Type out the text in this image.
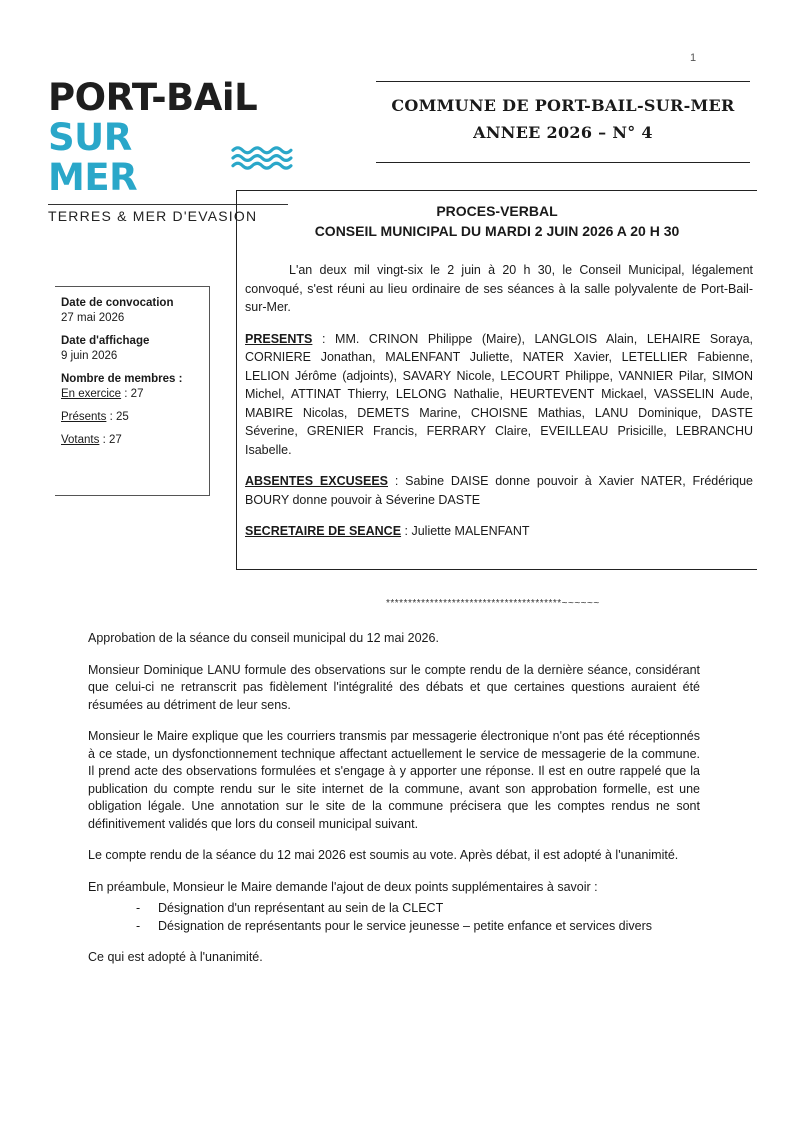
1
PORT-BAiL
SUR MER
TERRES & MER D'EVASION
COMMUNE DE PORT-BAIL-SUR-MER
ANNEE 2026 – N° 4
Date de convocation
27 mai 2026
Date d'affichage
9 juin 2026
Nombre de membres :
En exercice : 27
Présents : 25
Votants : 27
PROCES-VERBAL
CONSEIL MUNICIPAL DU MARDI 2 JUIN 2026 A 20 H 30

L'an deux mil vingt-six le 2 juin à 20 h 30, le Conseil Municipal, légalement convoqué, s'est réuni au lieu ordinaire de ses séances à la salle polyvalente de Port-Bail-sur-Mer.

PRESENTS : MM. CRINON Philippe (Maire), LANGLOIS Alain, LEHAIRE Soraya, CORNIERE Jonathan, MALENFANT Juliette, NATER Xavier, LETELLIER Fabienne, LELION Jérôme (adjoints), SAVARY Nicole, LECOURT Philippe, VANNIER Pilar, SIMON Michel, ATTINAT Thierry, LELONG Nathalie, HEURTEVENT Mickael, VASSELIN Aude, MABIRE Nicolas, DEMETS Marine, CHOISNE Mathias, LANU Dominique, DASTE Séverine, GRENIER Francis, FERRARY Claire, EVEILLEAU Prisicille, LEBRANCHU Isabelle.

ABSENTES EXCUSEES : Sabine DAISE donne pouvoir à Xavier NATER, Frédérique BOURY donne pouvoir à Séverine DASTE

SECRETAIRE DE SEANCE : Juliette MALENFANT

****************************************~~~~~~

Approbation de la séance du conseil municipal du 12 mai 2026.

Monsieur Dominique LANU formule des observations sur le compte rendu de la dernière séance, considérant que celui-ci ne retranscrit pas fidèlement l'intégralité des débats et que certaines questions auraient été résumées au détriment de leur sens.

Monsieur le Maire explique que les courriers transmis par messagerie électronique n'ont pas été réceptionnés à ce stade, un dysfonctionnement technique affectant actuellement le service de messagerie de la commune. Il prend acte des observations formulées et s'engage à y apporter une réponse. Il est en outre rappelé que la publication du compte rendu sur le site internet de la commune, avant son approbation formelle, est une obligation légale. Une annotation sur le site de la commune précisera que les comptes rendus ne sont définitivement validés que lors du conseil municipal suivant.

Le compte rendu de la séance du 12 mai 2026 est soumis au vote. Après débat, il est adopté à l'unanimité.

En préambule, Monsieur le Maire demande l'ajout de deux points supplémentaires à savoir :

- Désignation d'un représentant au sein de la CLECT
- Désignation de représentants pour le service jeunesse – petite enfance et services divers

Ce qui est adopté à l'unanimité.
